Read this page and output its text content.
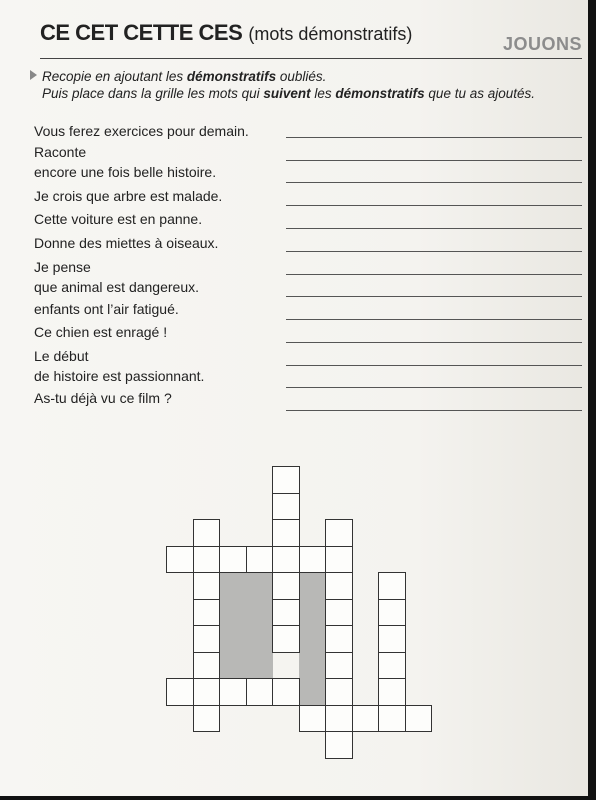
CE CET CETTE CES (mots démonstratifs)	JOUONS
Recopie en ajoutant les démonstratifs oubliés.
Puis place dans la grille les mots qui suivent les démonstratifs que tu as ajoutés.
Vous ferez exercices pour demain.
Raconte
encore une fois belle histoire.
Je crois que arbre est malade.
Cette voiture est en panne.
Donne des miettes à oiseaux.
Je pense
que animal est dangereux.
enfants ont l’air fatigué.
Ce chien est enragé !
Le début
de histoire est passionnant.
As-tu déjà vu ce film ?
